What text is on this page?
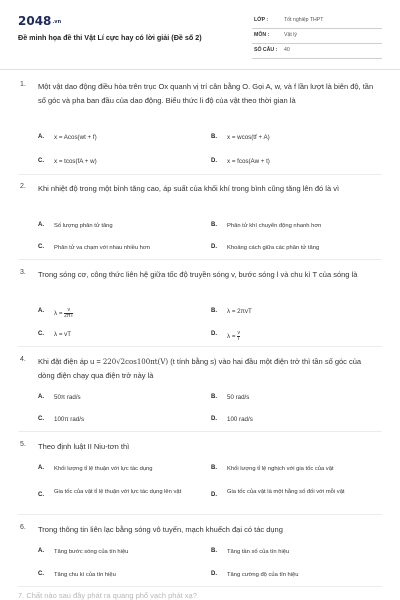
2048.vn
Đề minh họa đề thi Vật Lí cực hay có lời giải (Đề số 2)
LỚP :	Tốt nghiệp THPT
MÔN :	Vật lý
SỐ CÂU : 40
1. Một vật dao động điều hòa trên trục Ox quanh vị trí cân bằng O. Gọi A, w, và f lần lượt là biên độ, tần số góc và pha ban đầu của dao động. Biểu thức li độ của vật theo thời gian là
A. x = Acos(wt + f)	B. x = wcos(tf + A)
C. x = tcos(fA + w)	D. x = fcos(Aw + t)
2. Khi nhiệt độ trong một bình tăng cao, áp suất của khối khí trong bình cũng tăng lên đó là vì
A. Số lượng phân tử tăng	B. Phân tử khí chuyển động nhanh hơn
C. Phân tử va chạm với nhau nhiều hơn	D. Khoảng cách giữa các phân tử tăng
3. Trong sóng cơ, công thức liên hệ giữa tốc độ truyền sóng v, bước sóng l và chu kì T của sóng là
A. $\lambda = \frac{v}{2\pi T}$	B. λ = 2πvT
C. λ = vT	D. $\lambda = \frac{v}{T}$
4. Khi đặt điện áp u = 220√2cos100πt(V) (t tính bằng s) vào hai đầu một điện trở thì tần số góc của dòng điện chạy qua điện trở này là
A. 50π rad/s	B. 50 rad/s
C. 100π rad/s	D. 100 rad/s
5. Theo định luật II Niu-tơn thì
A. Khối lượng tỉ lệ thuận với lực tác dụng	B. Khối lượng tỉ lệ nghịch với gia tốc của vật
C. Gia tốc của vật tỉ lệ thuận với lực tác dụng lên vật	D. Gia tốc của vật là một hằng số đối với mỗi vật
6. Trong thông tin liên lạc bằng sóng vô tuyến, mạch khuếch đại có tác dụng
A. Tăng bước sóng của tín hiệu	B. Tăng tần số của tín hiệu
C. Tăng chu kì của tín hiệu	D. Tăng cường độ của tín hiệu
7. Chất nào sau đây phát ra quang phổ vạch phát xạ?
